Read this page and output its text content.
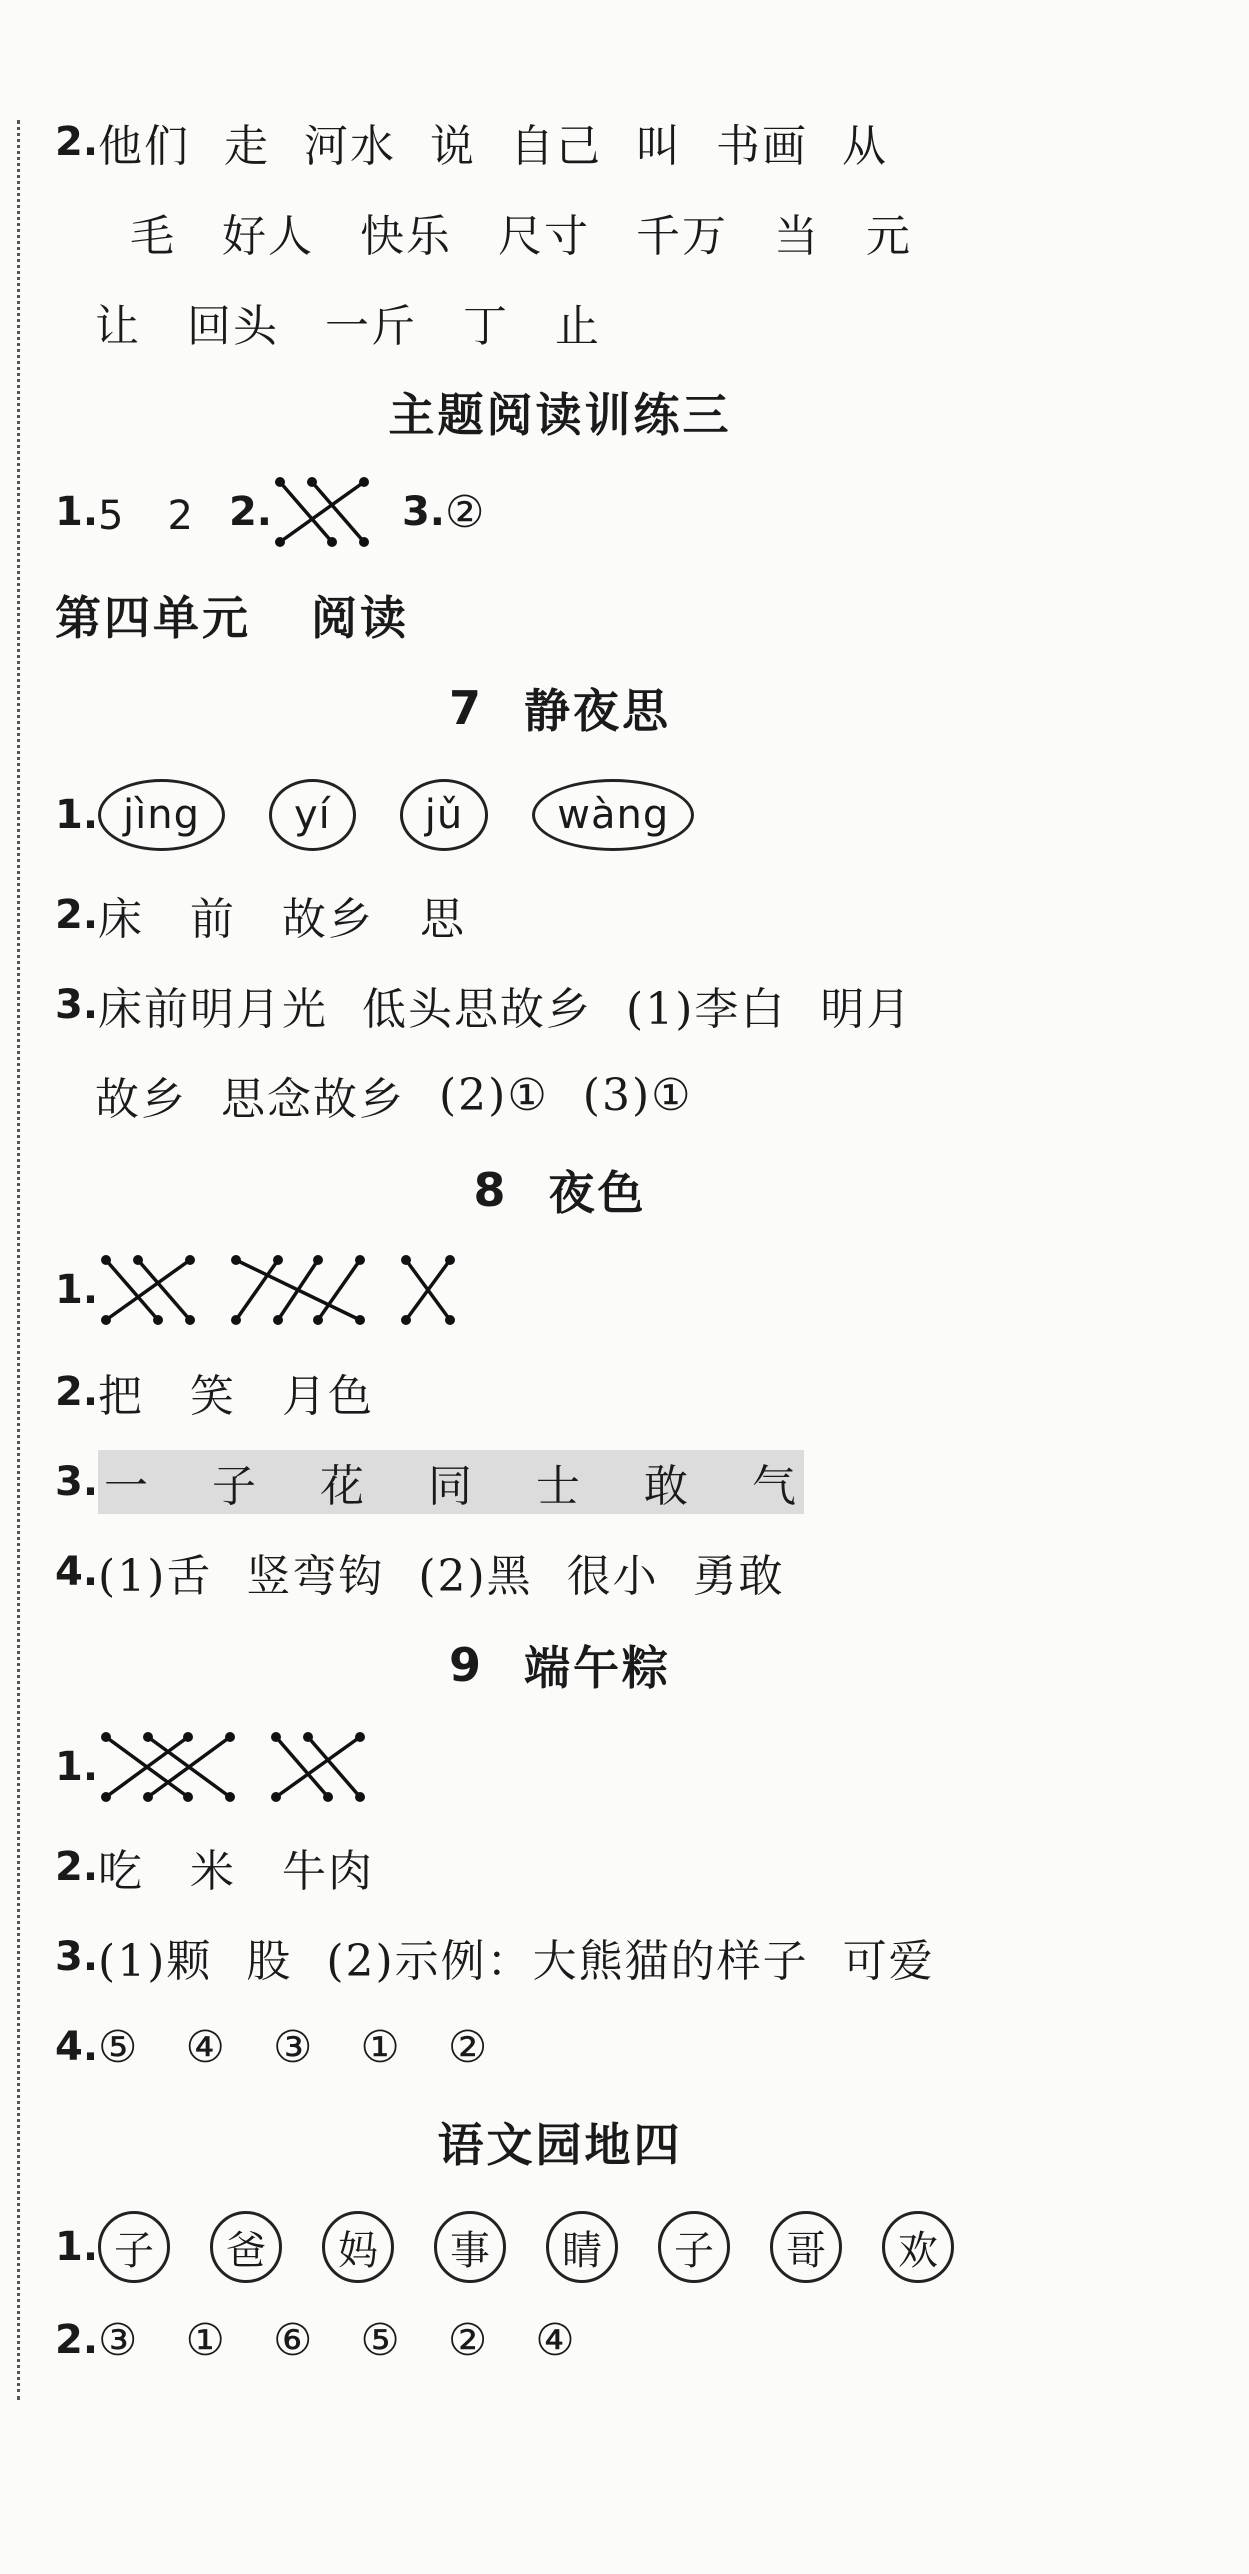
2. 他们 走 河水 说 自己 叫 书画 从
毛 好人 快乐 尺寸 千万 当 元
让 回头 一斤 丁 止
主题阅读训练三
1. 5　2 2.	3. ②
第四单元 阅读
7 静夜思
1. jìng	yí	jǔ	wàng
2. 床 前 故乡 思
3. 床前明月光 低头思故乡 (1)李白 明月
故乡 思念故乡 (2)① (3)①
8 夜色
1.
2. 把 笑 月色
3. 一 子 花 同 士 敢 气
4. (1)舌 竖弯钩 (2)黑 很小 勇敢
9 端午粽
1.
2. 吃 米 牛肉
3. (1)颗 股 (2)示例：大熊猫的样子 可爱
4. ⑤ ④ ③ ① ②
语文园地四
1. 子	爸	妈	事	睛	子	哥	欢
2. ③ ① ⑥ ⑤ ② ④
